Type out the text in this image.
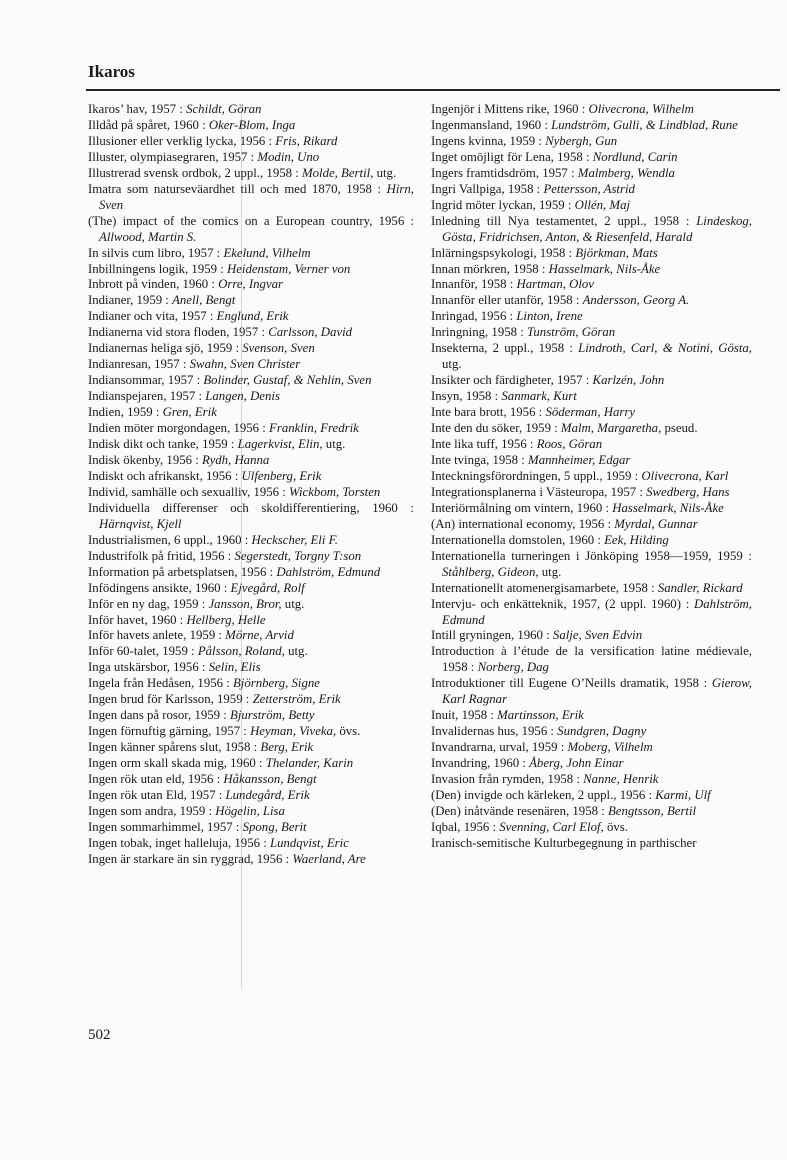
Ikaros
Ikaros’ hav, 1957 : Schildt, Göran
Illdåd på spåret, 1960 : Oker-Blom, Inga
Illusioner eller verklig lycka, 1956 : Fris, Rikard
Illuster, olympiasegraren, 1957 : Modin, Uno
Illustrerad svensk ordbok, 2 uppl., 1958 : Molde, Bertil, utg.
Imatra som naturseväardhet till och med 1870, 1958 : Hirn, Sven
(The) impact of the comics on a European country, 1956 : Allwood, Martin S.
In silvis cum libro, 1957 : Ekelund, Vilhelm
Inbillningens logik, 1959 : Heidenstam, Verner von
Inbrott på vinden, 1960 : Orre, Ingvar
Indianer, 1959 : Anell, Bengt
Indianer och vita, 1957 : Englund, Erik
Indianerna vid stora floden, 1957 : Carlsson, David
Indianernas heliga sjö, 1959 : Svenson, Sven
Indianresan, 1957 : Swahn, Sven Christer
Indiansommar, 1957 : Bolinder, Gustaf, & Nehlin, Sven
Indianspejaren, 1957 : Langen, Denis
Indien, 1959 : Gren, Erik
Indien möter morgondagen, 1956 : Franklin, Fredrik
Indisk dikt och tanke, 1959 : Lagerkvist, Elin, utg.
Indisk ökenby, 1956 : Rydh, Hanna
Indiskt och afrikanskt, 1956 : Ulfenberg, Erik
Individ, samhälle och sexualliv, 1956 : Wickbom, Torsten
Individuella differenser och skoldifferentiering, 1960 : Härnqvist, Kjell
Industrialismen, 6 uppl., 1960 : Heckscher, Eli F.
Industrifolk på fritid, 1956 : Segerstedt, Torgny T:son
Information på arbetsplatsen, 1956 : Dahlström, Edmund
Infödingens ansikte, 1960 : Ejvegård, Rolf
Inför en ny dag, 1959 : Jansson, Bror, utg.
Inför havet, 1960 : Hellberg, Helle
Inför havets anlete, 1959 : Mörne, Arvid
Inför 60-talet, 1959 : Pålsson, Roland, utg.
Inga utskärsbor, 1956 : Selin, Elis
Ingela från Hedåsen, 1956 : Björnberg, Signe
Ingen brud för Karlsson, 1959 : Zetterström, Erik
Ingen dans på rosor, 1959 : Bjurström, Betty
Ingen förnuftig gärning, 1957 : Heyman, Viveka, övs.
Ingen känner spårens slut, 1958 : Berg, Erik
Ingen orm skall skada mig, 1960 : Thelander, Karin
Ingen rök utan eld, 1956 : Håkansson, Bengt
Ingen rök utan Eld, 1957 : Lundegård, Erik
Ingen som andra, 1959 : Högelin, Lisa
Ingen sommarhimmel, 1957 : Spong, Berit
Ingen tobak, inget halleluja, 1956 : Lundqvist, Eric
Ingen är starkare än sin ryggrad, 1956 : Waerland, Are
Ingenjör i Mittens rike, 1960 : Olivecrona, Wilhelm
Ingenmansland, 1960 : Lundström, Gulli, & Lindblad, Rune
Ingens kvinna, 1959 : Nybergh, Gun
Inget omöjligt för Lena, 1958 : Nordlund, Carin
Ingers framtidsdröm, 1957 : Malmberg, Wendla
Ingri Vallpiga, 1958 : Pettersson, Astrid
Ingrid möter lyckan, 1959 : Ollén, Maj
Inledning till Nya testamentet, 2 uppl., 1958 : Lindeskog, Gösta, Fridrichsen, Anton, & Riesenfeld, Harald
Inlärningspsykologi, 1958 : Björkman, Mats
Innan mörkren, 1958 : Hasselmark, Nils-Åke
Innanför, 1958 : Hartman, Olov
Innanför eller utanför, 1958 : Andersson, Georg A.
Inringad, 1956 : Linton, Irene
Inringning, 1958 : Tunström, Göran
Insekterna, 2 uppl., 1958 : Lindroth, Carl, & Notini, Gösta, utg.
Insikter och färdigheter, 1957 : Karlzén, John
Insyn, 1958 : Sanmark, Kurt
Inte bara brott, 1956 : Söderman, Harry
Inte den du söker, 1959 : Malm, Margaretha, pseud.
Inte lika tuff, 1956 : Roos, Göran
Inte tvinga, 1958 : Mannheimer, Edgar
Inteckningsförordningen, 5 uppl., 1959 : Olivecrona, Karl
Integrationsplanerna i Västeuropa, 1957 : Swedberg, Hans
Interiörmålning om vintern, 1960 : Hasselmark, Nils-Åke
(An) international economy, 1956 : Myrdal, Gunnar
Internationella domstolen, 1960 : Eek, Hilding
Internationella turneringen i Jönköping 1958—1959, 1959 : Ståhlberg, Gideon, utg.
Internationellt atomenergisamarbete, 1958 : Sandler, Rickard
Intervju- och enkätteknik, 1957, (2 uppl. 1960) : Dahlström, Edmund
Intill gryningen, 1960 : Salje, Sven Edvin
Introduction à l’étude de la versification latine médievale, 1958 : Norberg, Dag
Introduktioner till Eugene O’Neills dramatik, 1958 : Gierow, Karl Ragnar
Inuit, 1958 : Martinsson, Erik
Invalidernas hus, 1956 : Sundgren, Dagny
Invandrarna, urval, 1959 : Moberg, Vilhelm
Invandring, 1960 : Åberg, John Einar
Invasion från rymden, 1958 : Nanne, Henrik
(Den) invigde och kärleken, 2 uppl., 1956 : Karmi, Ulf
(Den) inåtvände resenären, 1958 : Bengtsson, Bertil
Iqbal, 1956 : Svenning, Carl Elof, övs.
Iranisch-semitische Kulturbegegnung in parthischer
502
